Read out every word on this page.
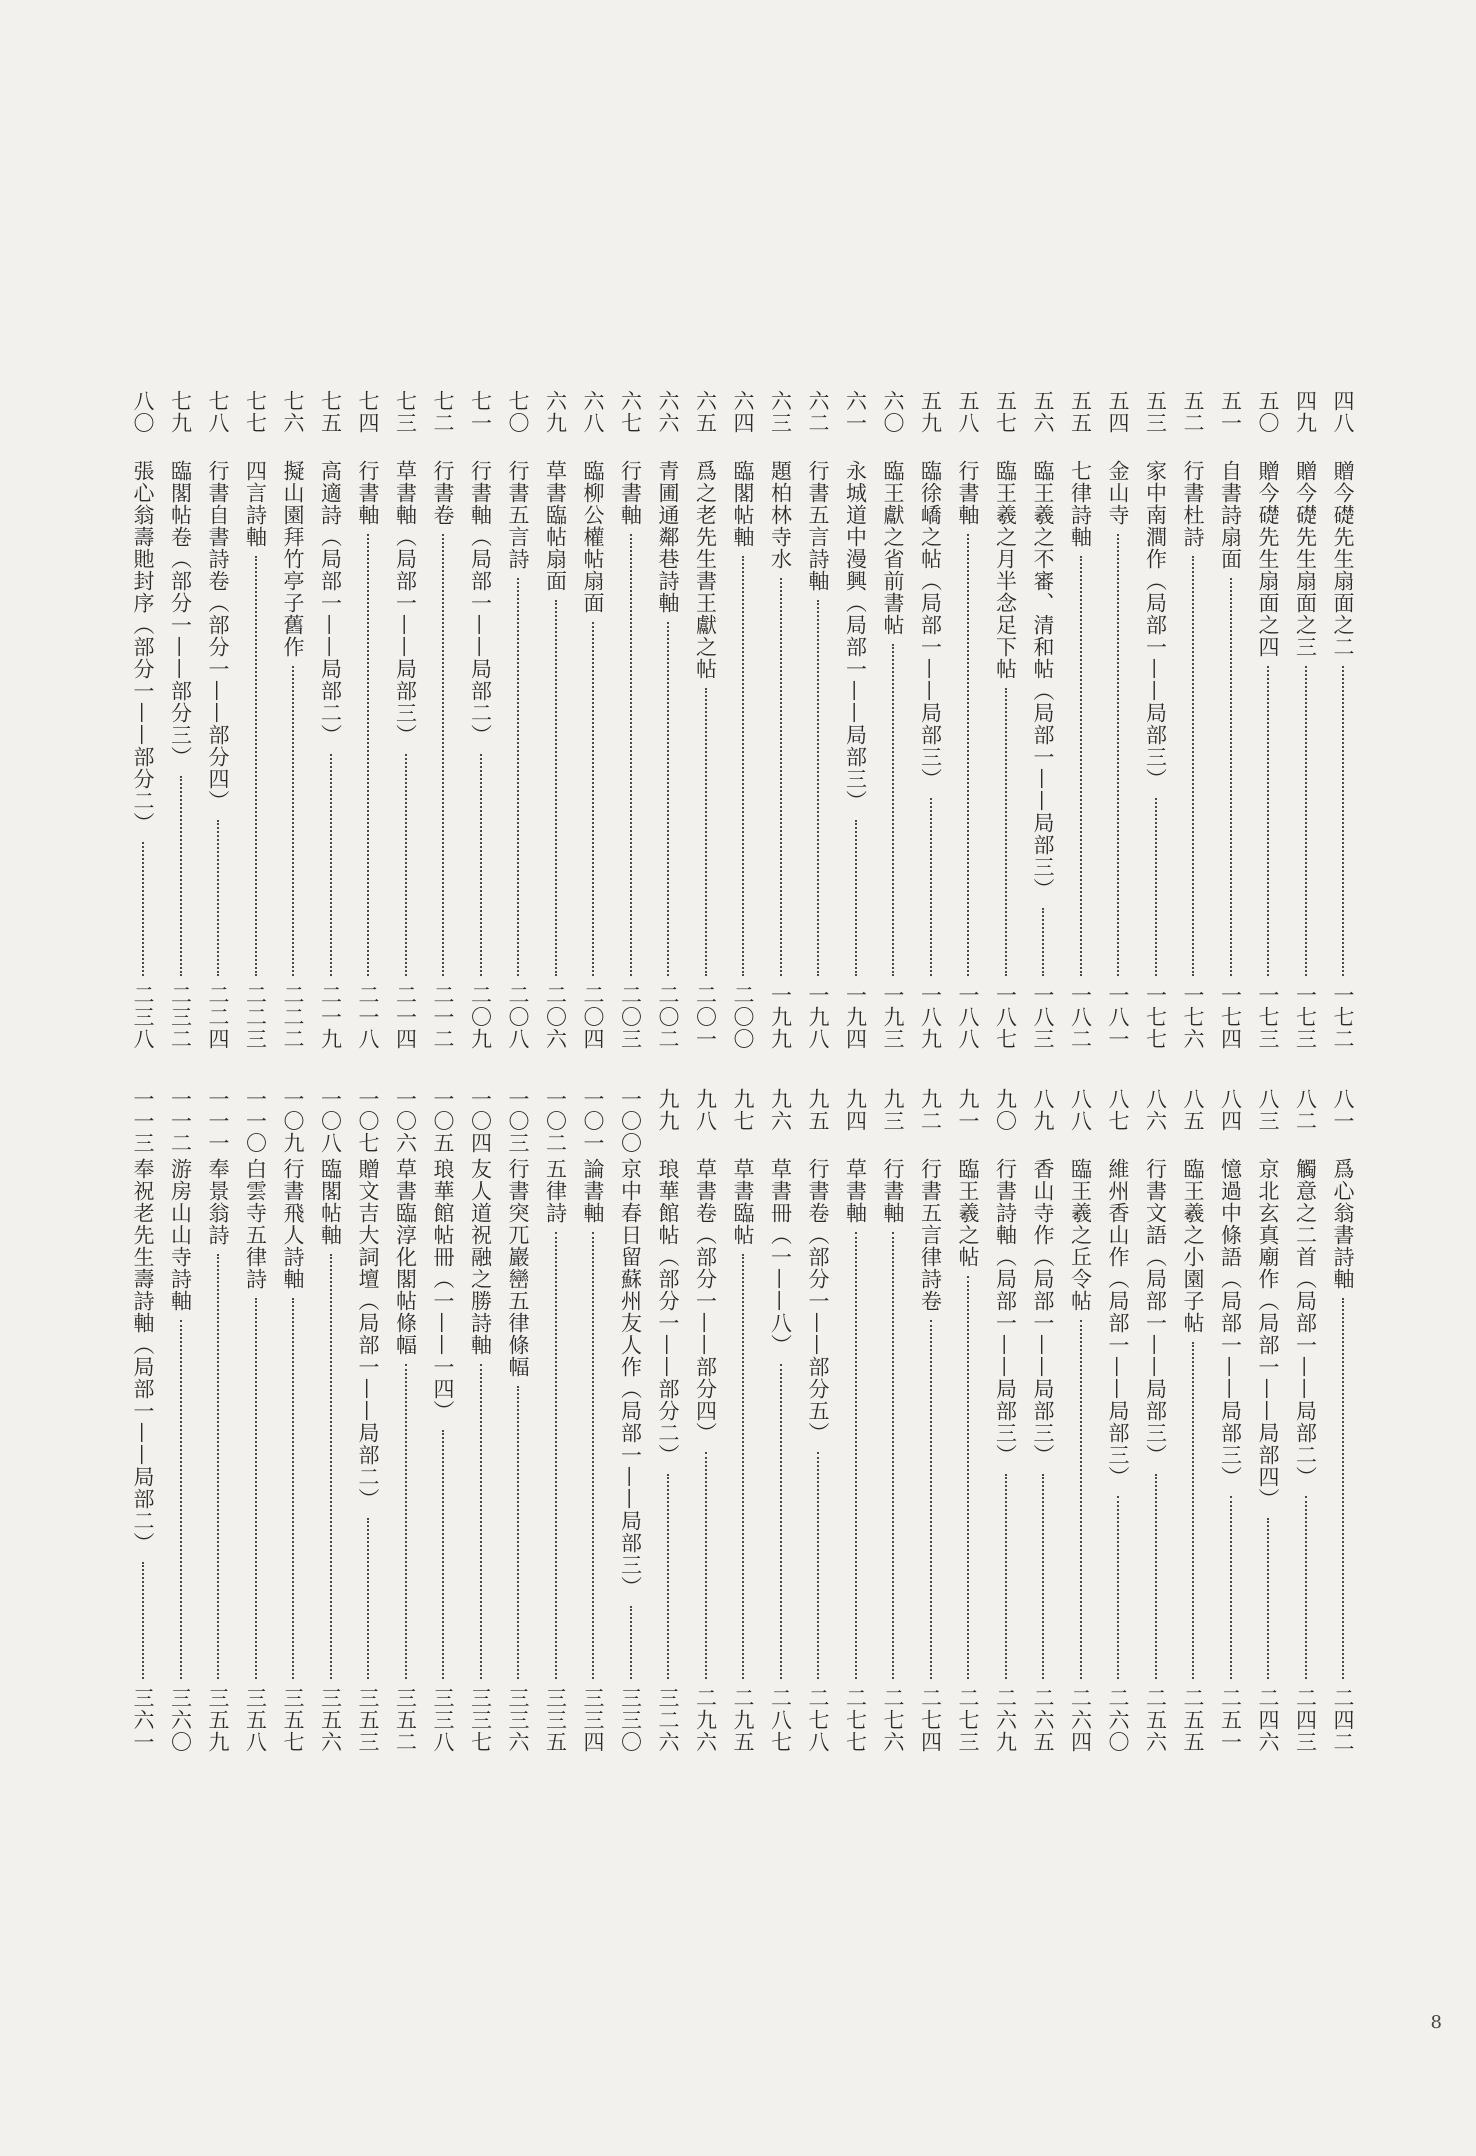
四八
贈今礎先生扇面之二
一七二
四九
贈今礎先生扇面之三
一七三
五〇
贈今礎先生扇面之四
一七三
五一
自書詩扇面
一七四
五二
行書杜詩
一七六
五三
家中南澗作（局部一——局部三）
一七七
五四
金山寺
一八一
五五
七律詩軸
一八二
五六
臨王羲之不審、清和帖（局部一——局部三）
一八三
五七
臨王羲之月半念足下帖
一八七
五八
行書軸
一八八
五九
臨徐嶠之帖（局部一——局部三）
一八九
六〇
臨王獻之省前書帖
一九三
六一
永城道中漫興（局部一——局部三）
一九四
六二
行書五言詩軸
一九八
六三
題柏林寺水
一九九
六四
臨閣帖軸
二〇〇
六五
爲之老先生書王獻之帖
二〇一
六六
青圃通鄰巷詩軸
二〇二
六七
行書軸
二〇三
六八
臨柳公權帖扇面
二〇四
六九
草書臨帖扇面
二〇六
七〇
行書五言詩
二〇八
七一
行書軸（局部一——局部二）
二〇九
七二
行書卷
二一二
七三
草書軸（局部一——局部三）
二一四
七四
行書軸
二一八
七五
高適詩（局部一——局部二）
二一九
七六
擬山園拜竹亭子舊作
二二二
七七
四言詩軸
二二三
七八
行書自書詩卷（部分一——部分四）
二二四
七九
臨閣帖卷（部分一——部分三）
二三二
八〇
張心翁壽貤封序（部分一——部分二）
二三八
八一
爲心翁書詩軸
二四二
八二
觸意之二首（局部一——局部二）
二四三
八三
京北玄真廟作（局部一——局部四）
二四六
八四
憶過中條語（局部一——局部三）
二五一
八五
臨王羲之小園子帖
二五五
八六
行書文語（局部一——局部三）
二五六
八七
維州香山作（局部一——局部三）
二六〇
八八
臨王羲之丘令帖
二六四
八九
香山寺作（局部一——局部三）
二六五
九〇
行書詩軸（局部一——局部三）
二六九
九一
臨王羲之帖
二七三
九二
行書五言律詩卷
二七四
九三
行書軸
二七六
九四
草書軸
二七七
九五
行書卷（部分一——部分五）
二七八
九六
草書冊（一——八）
二八七
九七
草書臨帖
二九五
九八
草書卷（部分一——部分四）
二九六
九九
琅華館帖（部分一——部分二）
三二六
一〇〇
京中春日留蘇州友人作（局部一——局部三）
三三〇
一〇一
論書軸
三三四
一〇二
五律詩
三三五
一〇三
行書突兀巖巒五律條幅
三三六
一〇四
友人道祝融之勝詩軸
三三七
一〇五
琅華館帖冊（一——一四）
三三八
一〇六
草書臨淳化閣帖條幅
三五二
一〇七
贈文吉大詞壇（局部一——局部二）
三五三
一〇八
臨閣帖軸
三五六
一〇九
行書飛人詩軸
三五七
一一〇
白雲寺五律詩
三五八
一一一
奉景翁詩
三五九
一一二
游房山山寺詩軸
三六〇
一一三
奉祝老先生壽詩軸（局部一——局部二）
三六一
8
